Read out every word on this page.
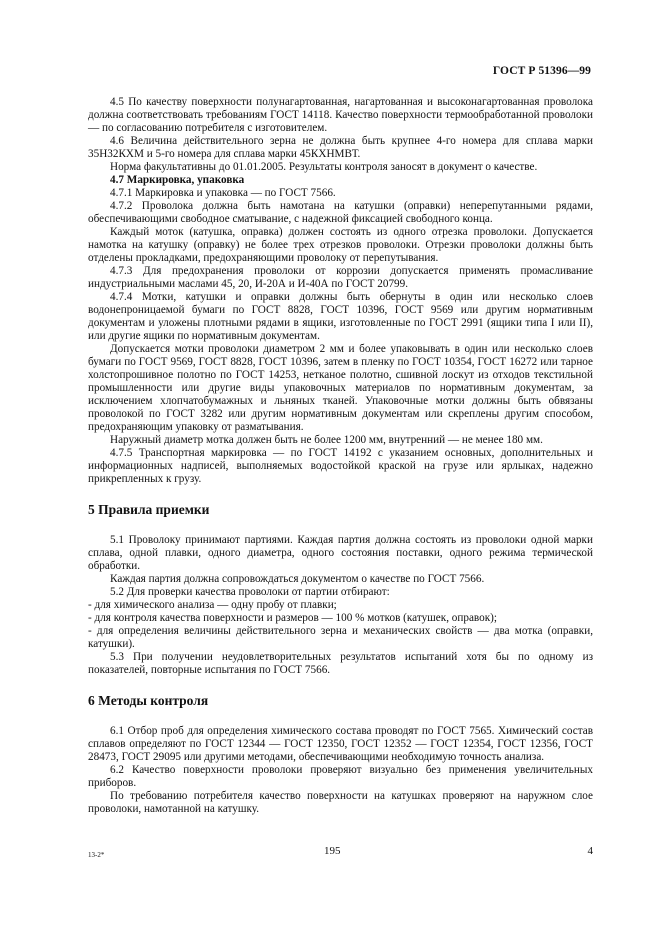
ГОСТ Р 51396—99

4.5 По качеству поверхности полунагартованная, нагартованная и высоконагартованная проволока должна соответствовать требованиям ГОСТ 14118. Качество поверхности термообработанной проволоки — по согласованию потребителя с изготовителем.

4.6 Величина действительного зерна не должна быть крупнее 4-го номера для сплава марки 35Н32КХМ и 5-го номера для сплава марки 45КХНМВТ.

Норма факультативны до 01.01.2005. Результаты контроля заносят в документ о качестве.

4.7 Маркировка, упаковка

4.7.1 Маркировка и упаковка — по ГОСТ 7566.

4.7.2 Проволока должна быть намотана на катушки (оправки) неперепутанными рядами, обеспечивающими свободное сматывание, с надежной фиксацией свободного конца.

Каждый моток (катушка, оправка) должен состоять из одного отрезка проволоки. Допускается намотка на катушку (оправку) не более трех отрезков проволоки. Отрезки проволоки должны быть отделены прокладками, предохраняющими проволоку от перепутывания.

4.7.3 Для предохранения проволоки от коррозии допускается применять промасливание индустриальными маслами 45, 20, И-20А и И-40А по ГОСТ 20799.

4.7.4 Мотки, катушки и оправки должны быть обернуты в один или несколько слоев водонепроницаемой бумаги по ГОСТ 8828, ГОСТ 10396, ГОСТ 9569 или другим нормативным документам и уложены плотными рядами в ящики, изготовленные по ГОСТ 2991 (ящики типа I или II), или другие ящики по нормативным документам.

Допускается мотки проволоки диаметром 2 мм и более упаковывать в один или несколько слоев бумаги по ГОСТ 9569, ГОСТ 8828, ГОСТ 10396, затем в пленку по ГОСТ 10354, ГОСТ 16272 или тарное холстопрошивное полотно по ГОСТ 14253, нетканое полотно, сшивной лоскут из отходов текстильной промышленности или другие виды упаковочных материалов по нормативным документам, за исключением хлопчатобумажных и льняных тканей. Упаковочные мотки должны быть обвязаны проволокой по ГОСТ 3282 или другим нормативным документам или скреплены другим способом, предохраняющим упаковку от разматывания.

Наружный диаметр мотка должен быть не более 1200 мм, внутренний — не менее 180 мм.

4.7.5 Транспортная маркировка — по ГОСТ 14192 с указанием основных, дополнительных и информационных надписей, выполняемых водостойкой краской на грузе или ярлыках, надежно прикрепленных к грузу.

5 Правила приемки

5.1 Проволоку принимают партиями. Каждая партия должна состоять из проволоки одной марки сплава, одной плавки, одного диаметра, одного состояния поставки, одного режима термической обработки.

Каждая партия должна сопровождаться документом о качестве по ГОСТ 7566.

5.2 Для проверки качества проволоки от партии отбирают:

- для химического анализа — одну пробу от плавки;

- для контроля качества поверхности и размеров — 100 % мотков (катушек, оправок);

- для определения величины действительного зерна и механических свойств — два мотка (оправки, катушки).

5.3 При получении неудовлетворительных результатов испытаний хотя бы по одному из показателей, повторные испытания по ГОСТ 7566.

6 Методы контроля

6.1 Отбор проб для определения химического состава проводят по ГОСТ 7565. Химический состав сплавов определяют по ГОСТ 12344 — ГОСТ 12350, ГОСТ 12352 — ГОСТ 12354, ГОСТ 12356, ГОСТ 28473, ГОСТ 29095 или другими методами, обеспечивающими необходимую точность анализа.

6.2 Качество поверхности проволоки проверяют визуально без применения увеличительных приборов.

По требованию потребителя качество поверхности на катушках проверяют на наружном слое проволоки, намотанной на катушку.

13-2*	195	4
